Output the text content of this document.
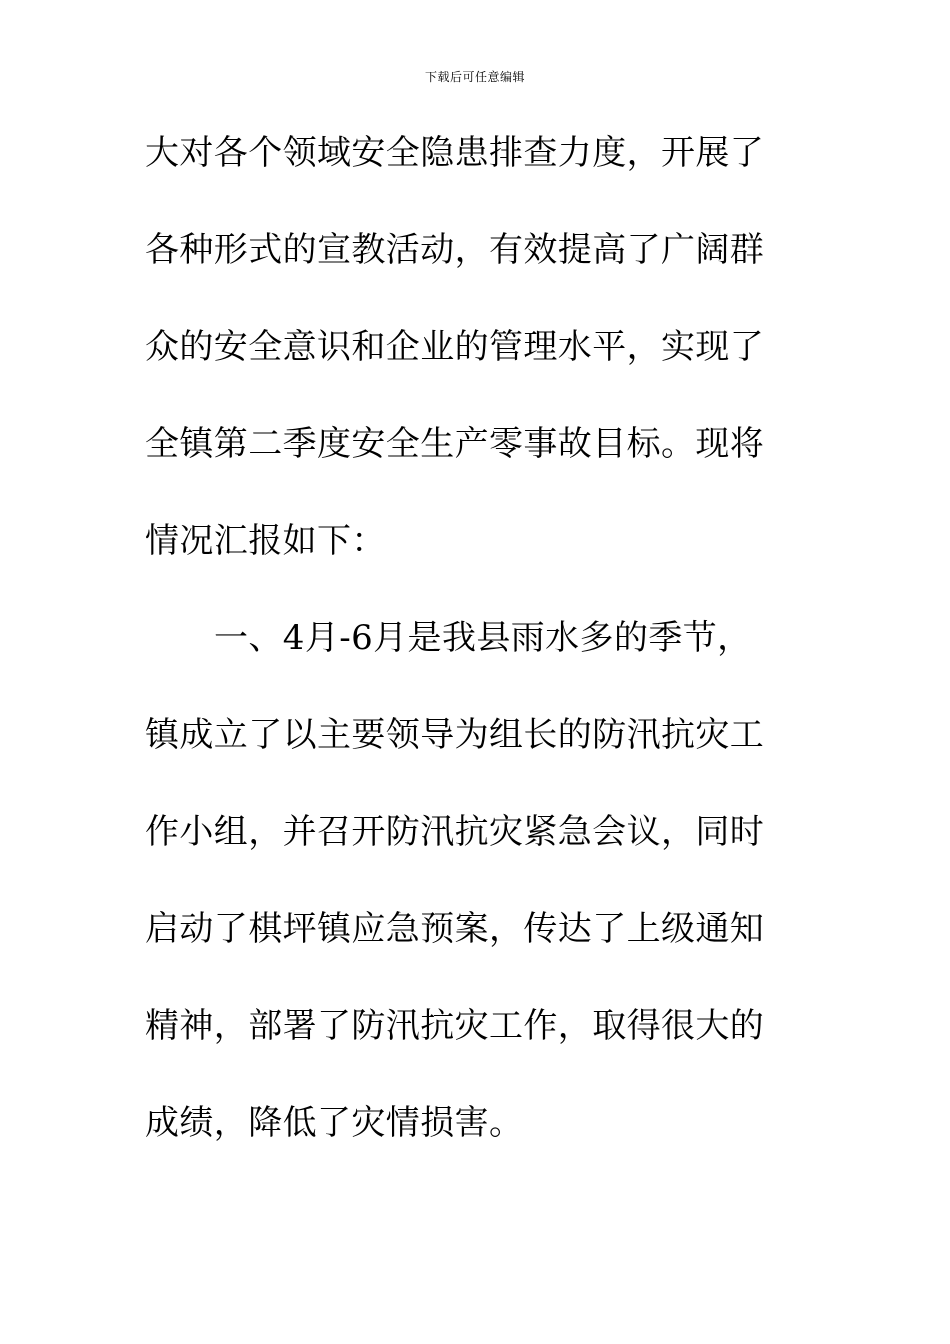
下载后可任意编辑
大对各个领域安全隐患排查力度，开展了
各种形式的宣教活动，有效提高了广阔群
众的安全意识和企业的管理水平，实现了
全镇第二季度安全生产零事故目标。现将
情况汇报如下：
一、4月-6月是我县雨水多的季节，
镇成立了以主要领导为组长的防汛抗灾工
作小组，并召开防汛抗灾紧急会议，同时
启动了棋坪镇应急预案，传达了上级通知
精神，部署了防汛抗灾工作，取得很大的
成绩，降低了灾情损害。
